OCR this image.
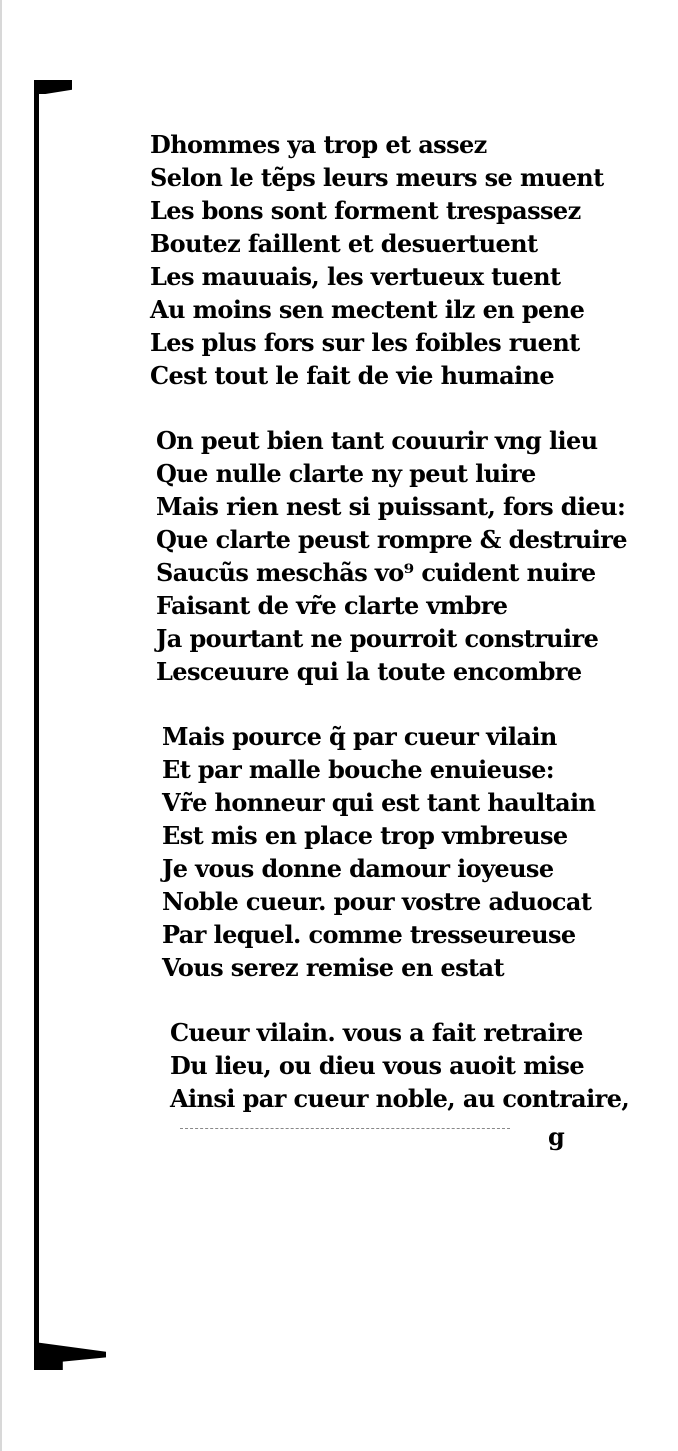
Dhommes ya trop et assez
Selon le tẽps leurs meurs se muent
Les bons sont forment trespassez
Boutez faillent et desuertuent
Les mauuais, les vertueux tuent
Au moins sen mectent ilz en pene
Les plus fors sur les foibles ruent
Cest tout le fait de vie humaine
On peut bien tant couurir vng lieu
Que nulle clarte ny peut luire
Mais rien nest si puissant, fors dieu:
Que clarte peust rompre & destruire
Saucũs meschãs vo⁹ cuident nuire
Faisant de vr̃e clarte vmbre
Ja pourtant ne pourroit construire
Lesceuure qui la toute encombre
Mais pource q̃ par cueur vilain
Et par malle bouche enuieuse:
Vr̃e honneur qui est tant haultain
Est mis en place trop vmbreuse
Je vous donne damour ioyeuse
Noble cueur. pour vostre aduocat
Par lequel. comme tresseureuse
Vous serez remise en estat
Cueur vilain. vous a fait retraire
Du lieu, ou dieu vous auoit mise
Ainsi par cueur noble, au contraire,
g
